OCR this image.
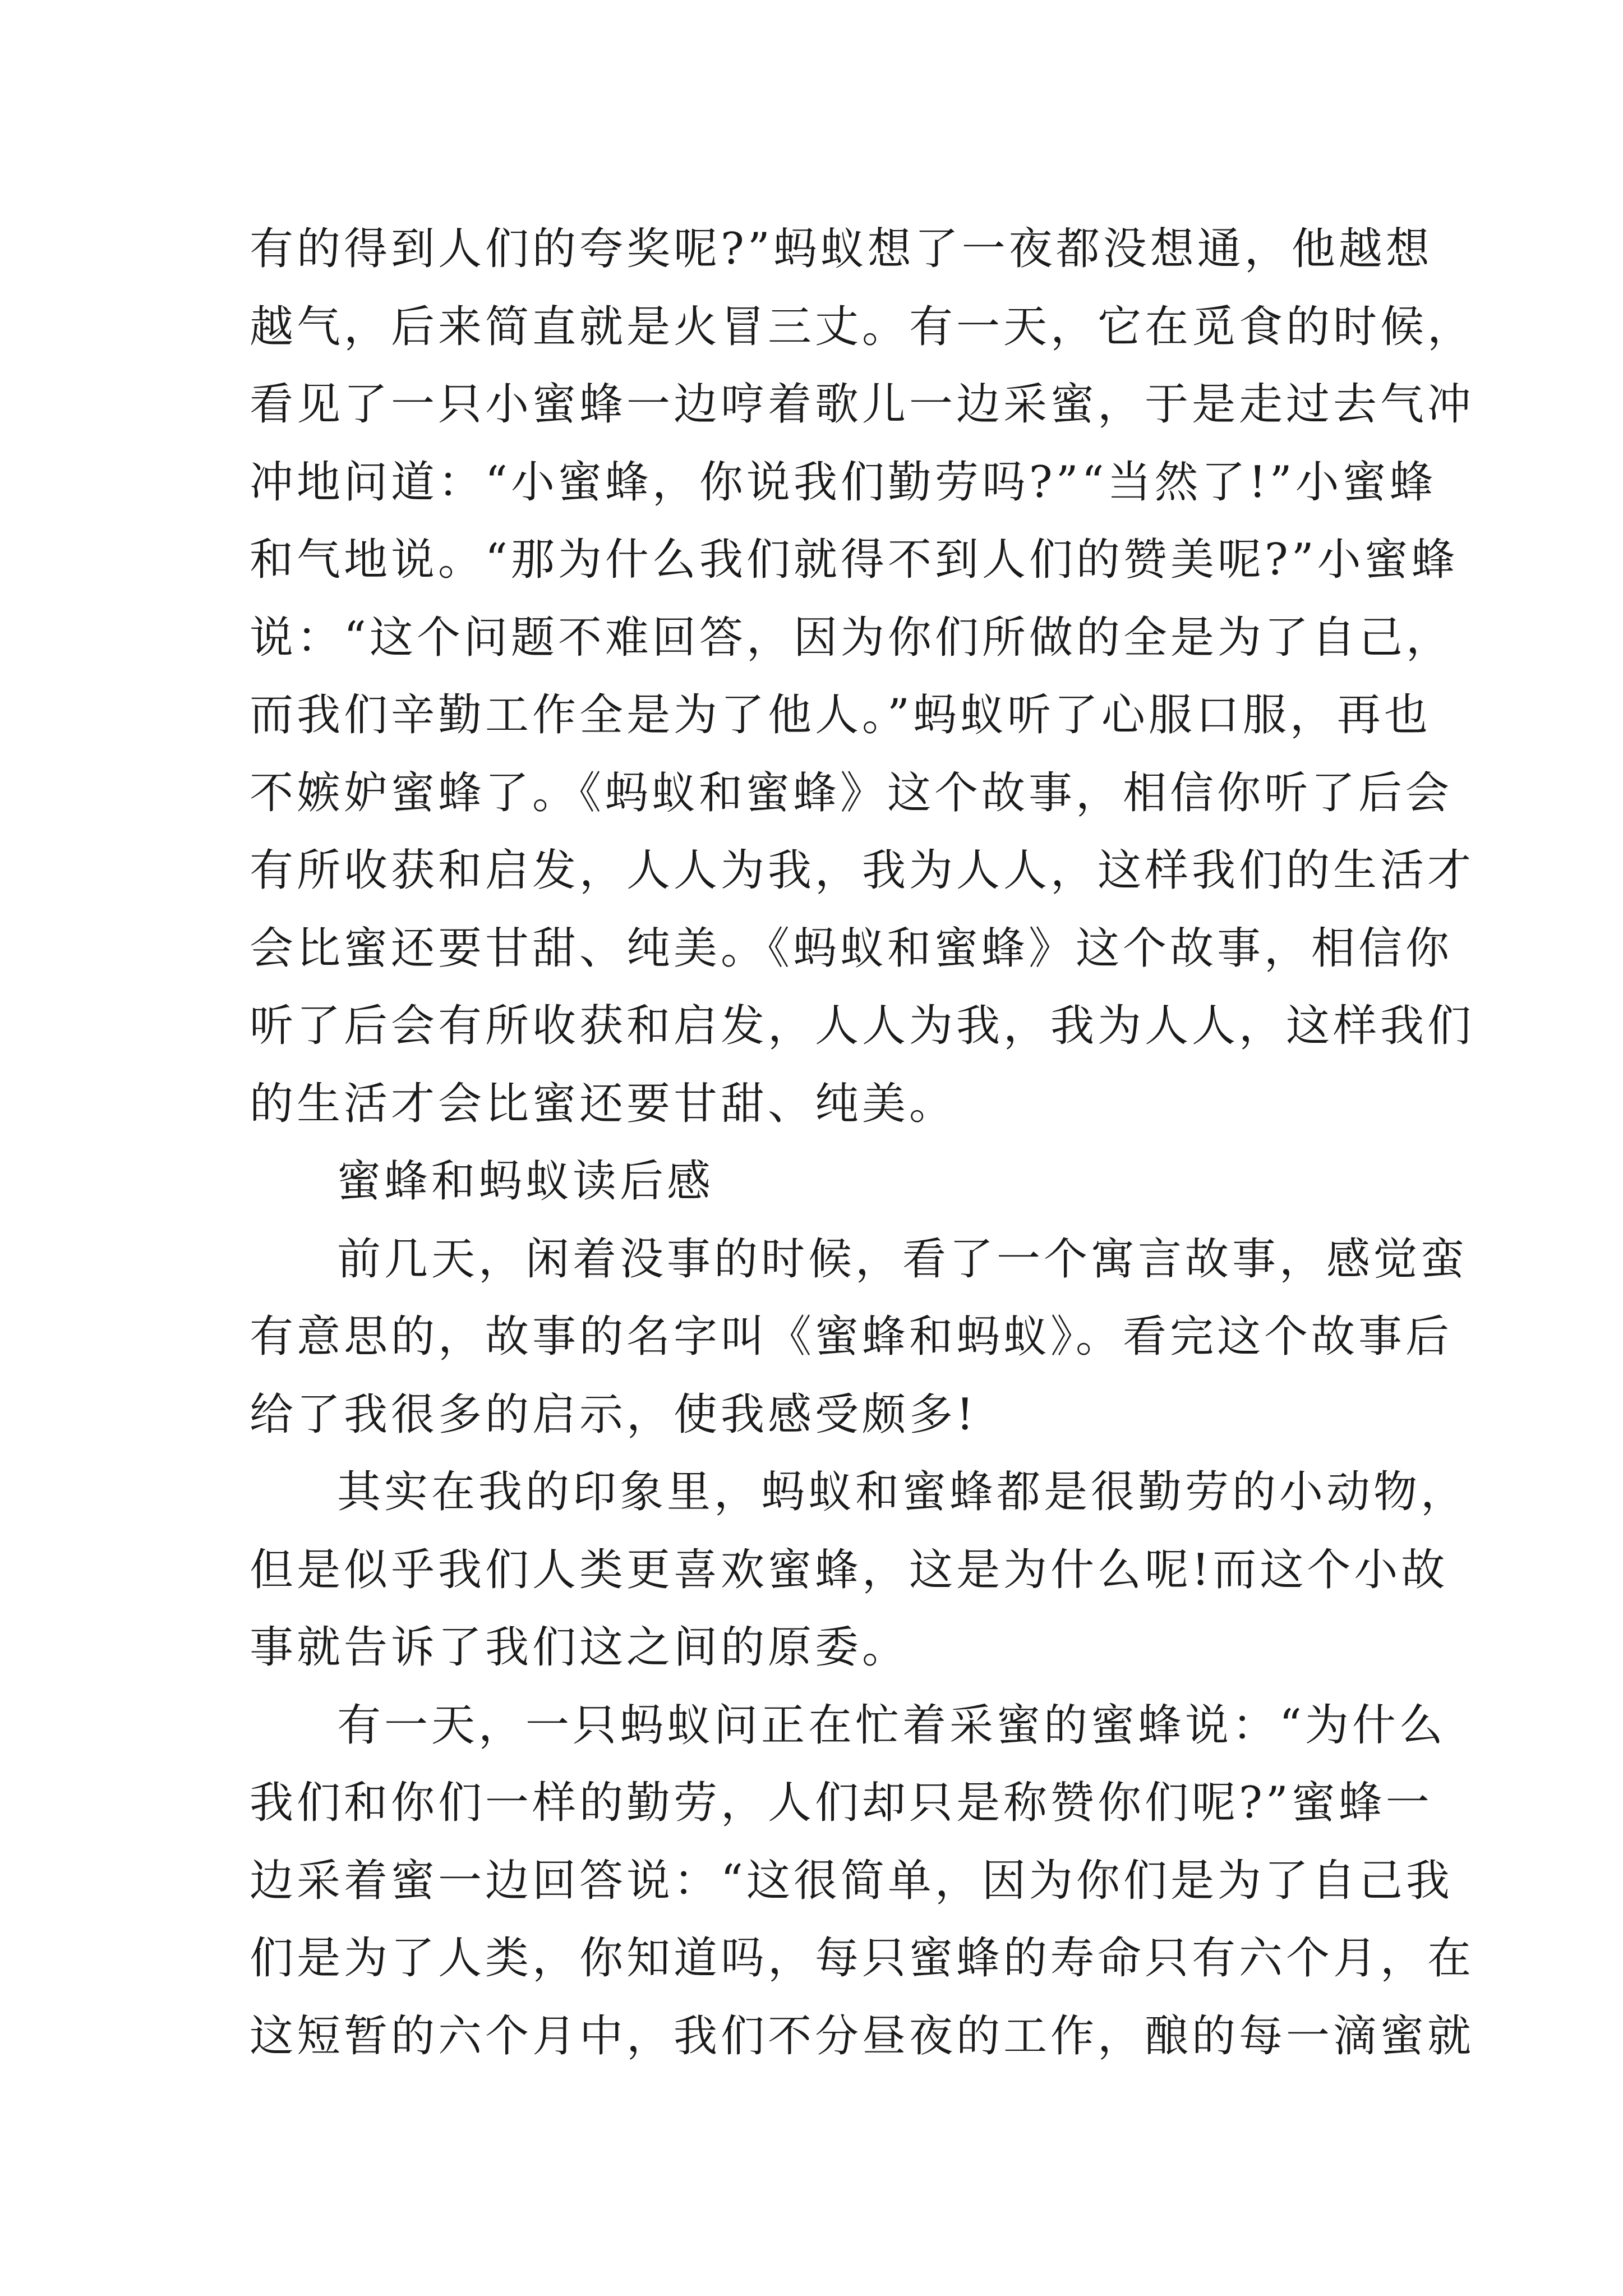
有的得到人们的夸奖呢?”蚂蚁想了一夜都没想通，他越想
越气，后来简直就是火冒三丈。有一天，它在觅食的时候，
看见了一只小蜜蜂一边哼着歌儿一边采蜜，于是走过去气冲
冲地问道：“小蜜蜂，你说我们勤劳吗?”“当然了!”小蜜蜂
和气地说。“那为什么我们就得不到人们的赞美呢?”小蜜蜂
说：“这个问题不难回答，因为你们所做的全是为了自己，
而我们辛勤工作全是为了他人。”蚂蚁听了心服口服，再也
不嫉妒蜜蜂了。《蚂蚁和蜜蜂》这个故事，相信你听了后会
有所收获和启发，人人为我，我为人人，这样我们的生活才
会比蜜还要甘甜、纯美。《蚂蚁和蜜蜂》这个故事，相信你
听了后会有所收获和启发，人人为我，我为人人，这样我们
的生活才会比蜜还要甘甜、纯美。
蜜蜂和蚂蚁读后感
前几天，闲着没事的时候，看了一个寓言故事，感觉蛮
有意思的，故事的名字叫《蜜蜂和蚂蚁》。看完这个故事后
给了我很多的启示，使我感受颇多!
其实在我的印象里，蚂蚁和蜜蜂都是很勤劳的小动物，
但是似乎我们人类更喜欢蜜蜂，这是为什么呢!而这个小故
事就告诉了我们这之间的原委。
有一天，一只蚂蚁问正在忙着采蜜的蜜蜂说：“为什么
我们和你们一样的勤劳，人们却只是称赞你们呢?”蜜蜂一
边采着蜜一边回答说：“这很简单，因为你们是为了自己我
们是为了人类，你知道吗，每只蜜蜂的寿命只有六个月，在
这短暂的六个月中，我们不分昼夜的工作，酿的每一滴蜜就
